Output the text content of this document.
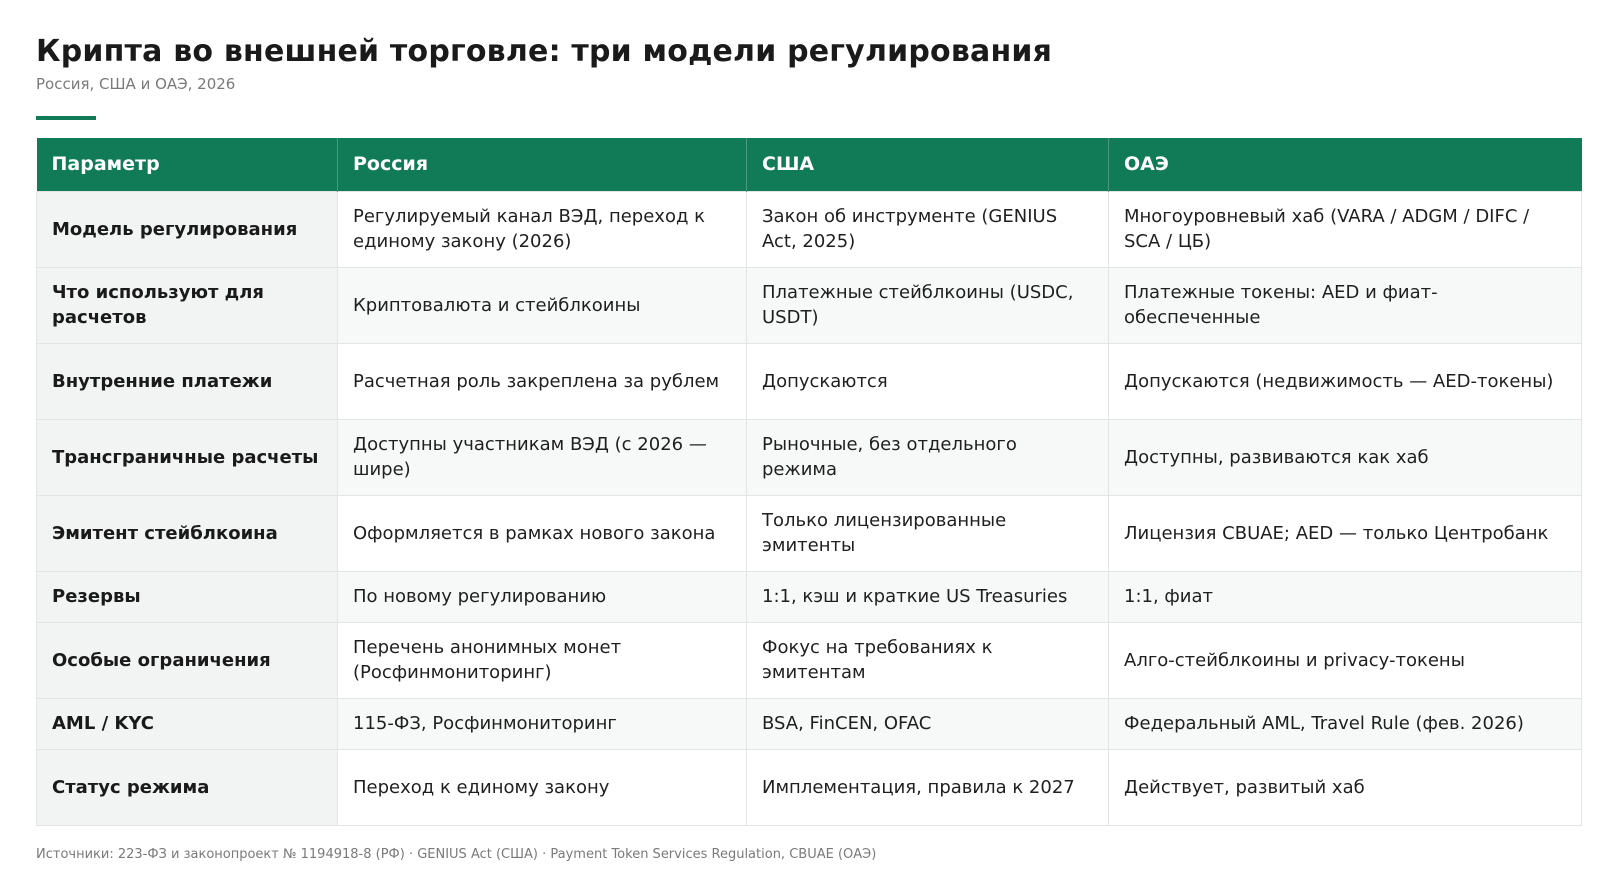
Крипта во внешней торговле: три модели регулирования
Россия, США и ОАЭ, 2026
Параметр	Россия	США	ОАЭ
Модель регулирования	Регулируемый канал ВЭД, переход к единому закону (2026)	Закон об инструменте (GENIUS Act, 2025)	Многоуровневый хаб (VARA / ADGM / DIFC / SCA / ЦБ)
Что используют для расчетов	Криптовалюта и стейблкоины	Платежные стейблкоины (USDC, USDT)	Платежные токены: AED и фиат-обеспеченные
Внутренние платежи	Расчетная роль закреплена за рублем	Допускаются	Допускаются (недвижимость — AED-токены)
Трансграничные расчеты	Доступны участникам ВЭД (с 2026 — шире)	Рыночные, без отдельного режима	Доступны, развиваются как хаб
Эмитент стейблкоина	Оформляется в рамках нового закона	Только лицензированные эмитенты	Лицензия CBUAE; AED — только Центробанк
Резервы	По новому регулированию	1:1, кэш и краткие US Treasuries	1:1, фиат
Особые ограничения	Перечень анонимных монет (Росфинмониторинг)	Фокус на требованиях к эмитентам	Алго-стейблкоины и privacy-токены
AML / KYC	115-ФЗ, Росфинмониторинг	BSA, FinCEN, OFAC	Федеральный AML, Travel Rule (фев. 2026)
Статус режима	Переход к единому закону	Имплементация, правила к 2027	Действует, развитый хаб
Источники: 223-ФЗ и законопроект № 1194918-8 (РФ) · GENIUS Act (США) · Payment Token Services Regulation, CBUAE (ОАЭ)
